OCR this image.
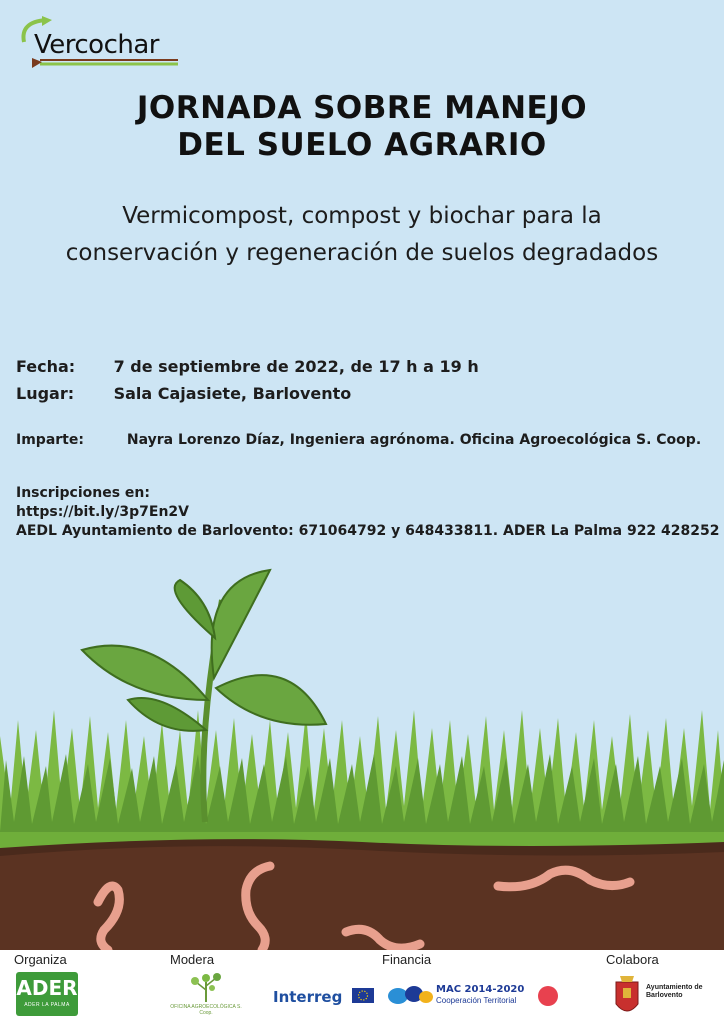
Vercochar
JORNADA SOBRE MANEJO
DEL SUELO AGRARIO
Vermicompost, compost y biochar para la conservación y regeneración de suelos degradados
Fecha: 7 de septiembre de 2022, de 17 h a 19 h
Lugar: Sala Cajasiete, Barlovento
Imparte:	Nayra Lorenzo Díaz, Ingeniera agrónoma. Oficina Agroecológica S. Coop.
Inscripciones en:
https://bit.ly/3p7En2V
AEDL Ayuntamiento de Barlovento: 671064792 y 648433811. ADER La Palma 922 428252
Organiza	Modera	Financia	Colabora
ADER
ADER LA PALMA	OFICINA AGROECOLÓGICA S. Coop.
Interreg	MAC 2014-2020
Cooperación Territorial
Ayuntamiento de Barlovento
